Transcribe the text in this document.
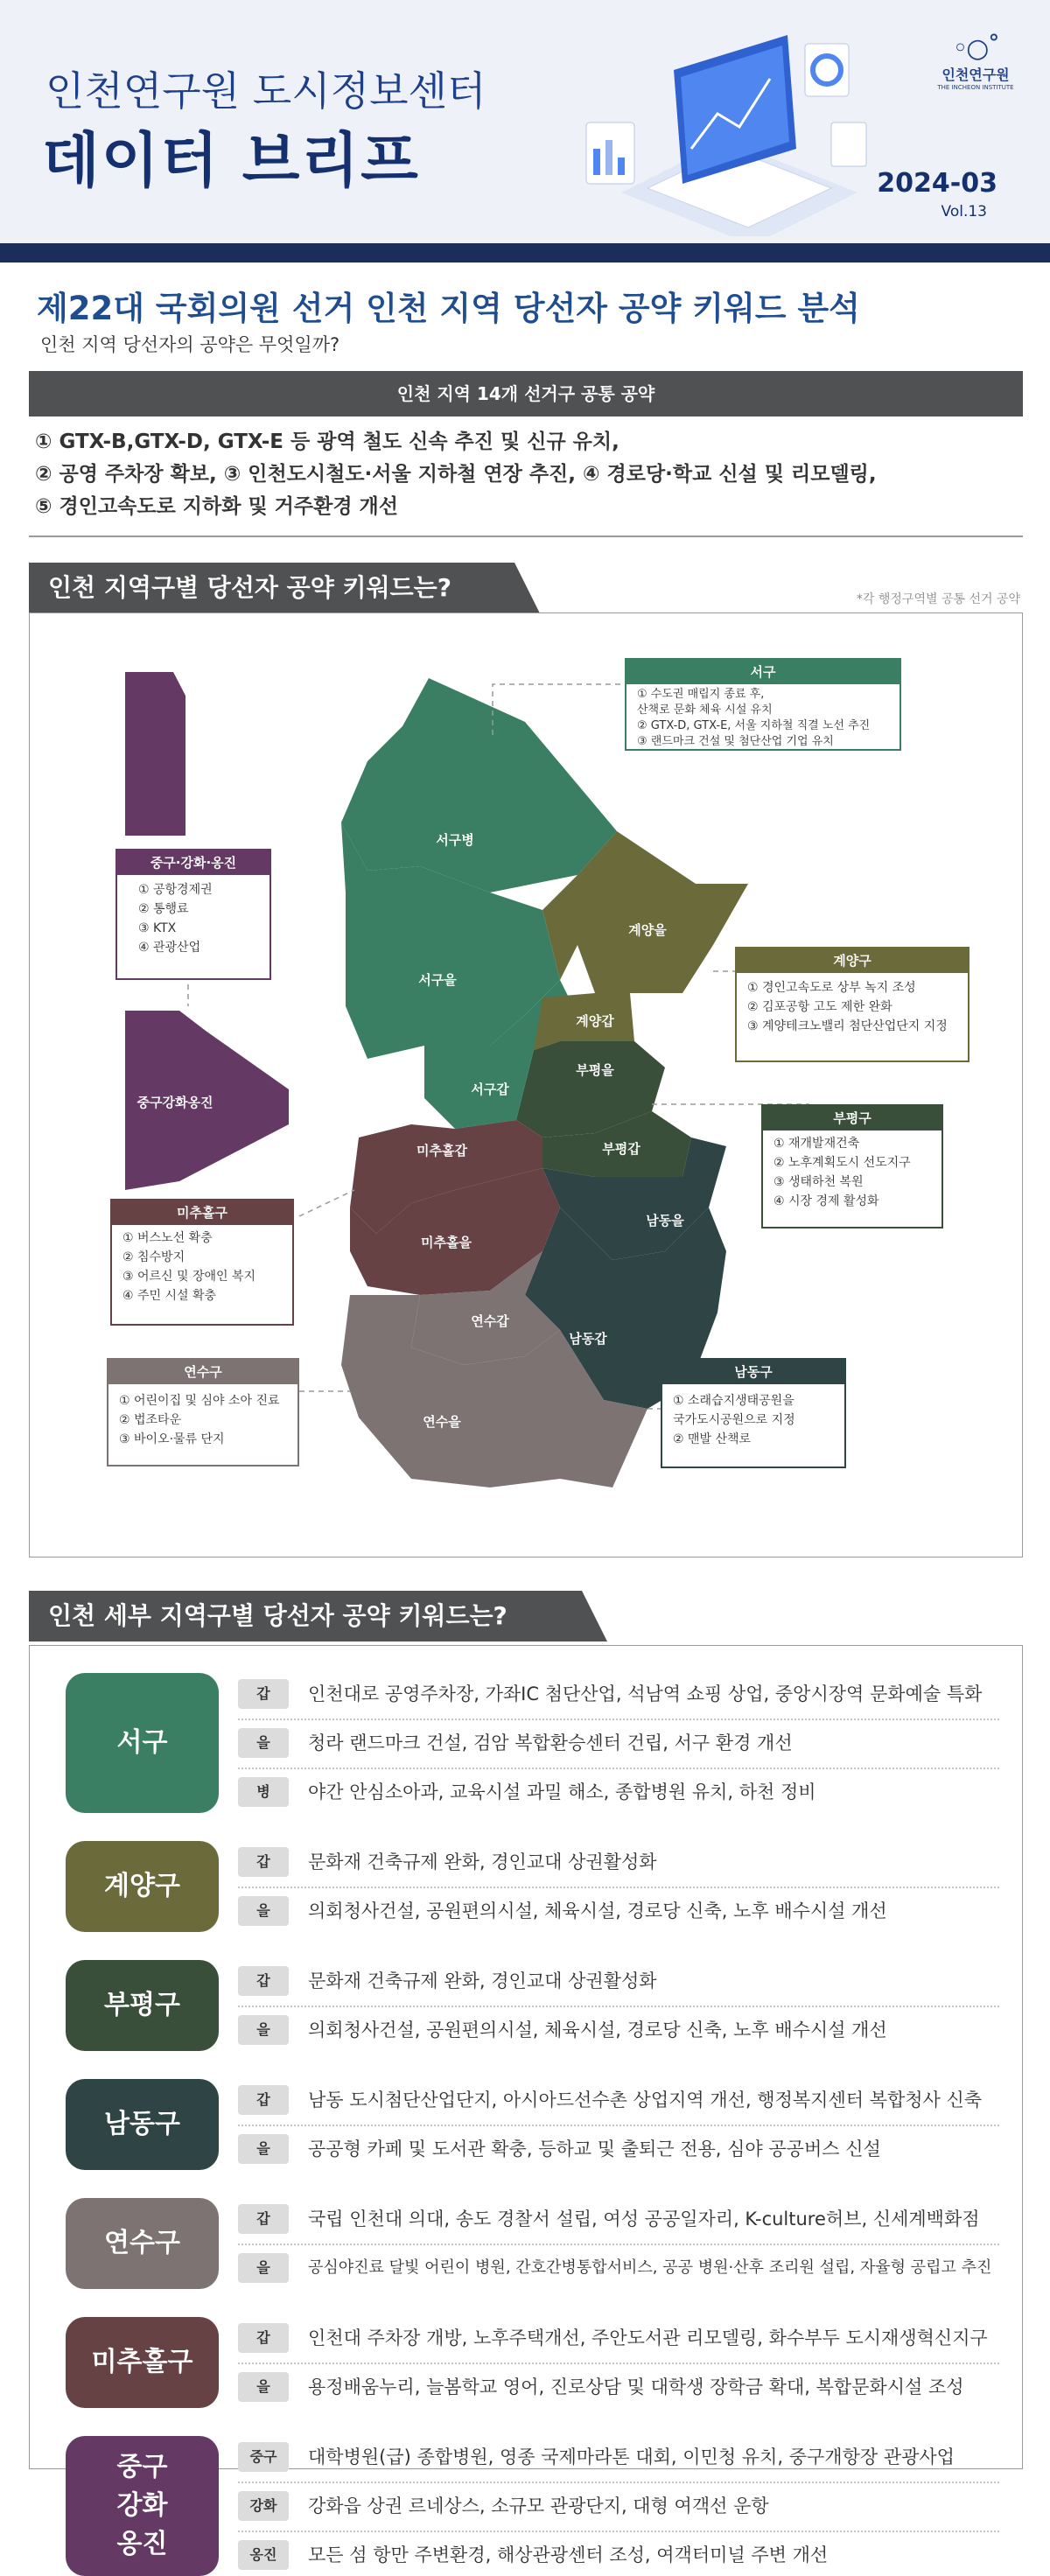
인천연구원 도시정보센터
데이터 브리프
◦○˚
인천연구원
THE INCHEON INSTITUTE
2024-03
Vol.13
제22대 국회의원 선거 인천 지역 당선자 공약 키워드 분석
인천 지역 당선자의 공약은 무엇일까?
인천 지역 14개 선거구 공통 공약
① GTX-B,GTX-D, GTX-E 등 광역 철도 신속 추진 및 신규 유치,
② 공영 주차장 확보, ③ 인천도시철도·서울 지하철 연장 추진, ④ 경로당·학교 신설 및 리모델링,
⑤ 경인고속도로 지하화 및 거주환경 개선
인천 지역구별 당선자 공약 키워드는?	*각 행정구역별 공통 선거 공약
서구병
서구을
서구갑
계양을
계양갑
부평을
부평갑
미추홀갑
미추홀을
남동을
남동갑
연수갑
연수을
중구강화옹진
서구
① 수도권 매립지 종료 후,
산책로 문화 체육 시설 유치
② GTX-D, GTX-E, 서울 지하철 직결 노선 추진
③ 랜드마크 건설 및 첨단산업 기업 유치
중구·강화·옹진
① 공항경제권
② 통행료
③ KTX
④ 관광산업
계양구
① 경인고속도로 상부 녹지 조성
② 김포공항 고도 제한 완화
③ 계양테크노밸리 첨단산업단지 지정
부평구
① 재개발재건축
② 노후계획도시 선도지구
③ 생태하천 복원
④ 시장 경제 활성화
미추홀구
① 버스노선 확충
② 침수방지
③ 어르신 및 장애인 복지
④ 주민 시설 확충
연수구
① 어린이집 및 심야 소아 진료
② 법조타운
③ 바이오·물류 단지
남동구
① 소래습지생태공원을
국가도시공원으로 지정
② 맨발 산책로
인천 세부 지역구별 당선자 공약 키워드는?
서구
갑	인천대로 공영주차장, 가좌IC 첨단산업, 석남역 쇼핑 상업, 중앙시장역 문화예술 특화
을	청라 랜드마크 건설, 검암 복합환승센터 건립, 서구 환경 개선
병	야간 안심소아과, 교육시설 과밀 해소, 종합병원 유치, 하천 정비
계양구
갑	문화재 건축규제 완화, 경인교대 상권활성화
을	의회청사건설, 공원편의시설, 체육시설, 경로당 신축, 노후 배수시설 개선
부평구
갑	문화재 건축규제 완화, 경인교대 상권활성화
을	의회청사건설, 공원편의시설, 체육시설, 경로당 신축, 노후 배수시설 개선
남동구
갑	남동 도시첨단산업단지, 아시아드선수촌 상업지역 개선, 행정복지센터 복합청사 신축
을	공공형 카페 및 도서관 확충, 등하교 및 출퇴근 전용, 심야 공공버스 신설
연수구
갑	국립 인천대 의대, 송도 경찰서 설립, 여성 공공일자리, K-culture허브, 신세계백화점
을	공심야진료 달빛 어린이 병원, 간호간병통합서비스, 공공 병원·산후 조리원 설립, 자율형 공립고 추진
미추홀구
갑	인천대 주차장 개방, 노후주택개선, 주안도서관 리모델링, 화수부두 도시재생혁신지구
을	용정배움누리, 늘봄학교 영어, 진로상담 및 대학생 장학금 확대, 복합문화시설 조성
중구
강화
옹진
중구	대학병원(급) 종합병원, 영종 국제마라톤 대회, 이민청 유치, 중구개항장 관광사업
강화	강화읍 상권 르네상스, 소규모 관광단지, 대형 여객선 운항
옹진	모든 섬 항만 주변환경, 해상관광센터 조성, 여객터미널 주변 개선
